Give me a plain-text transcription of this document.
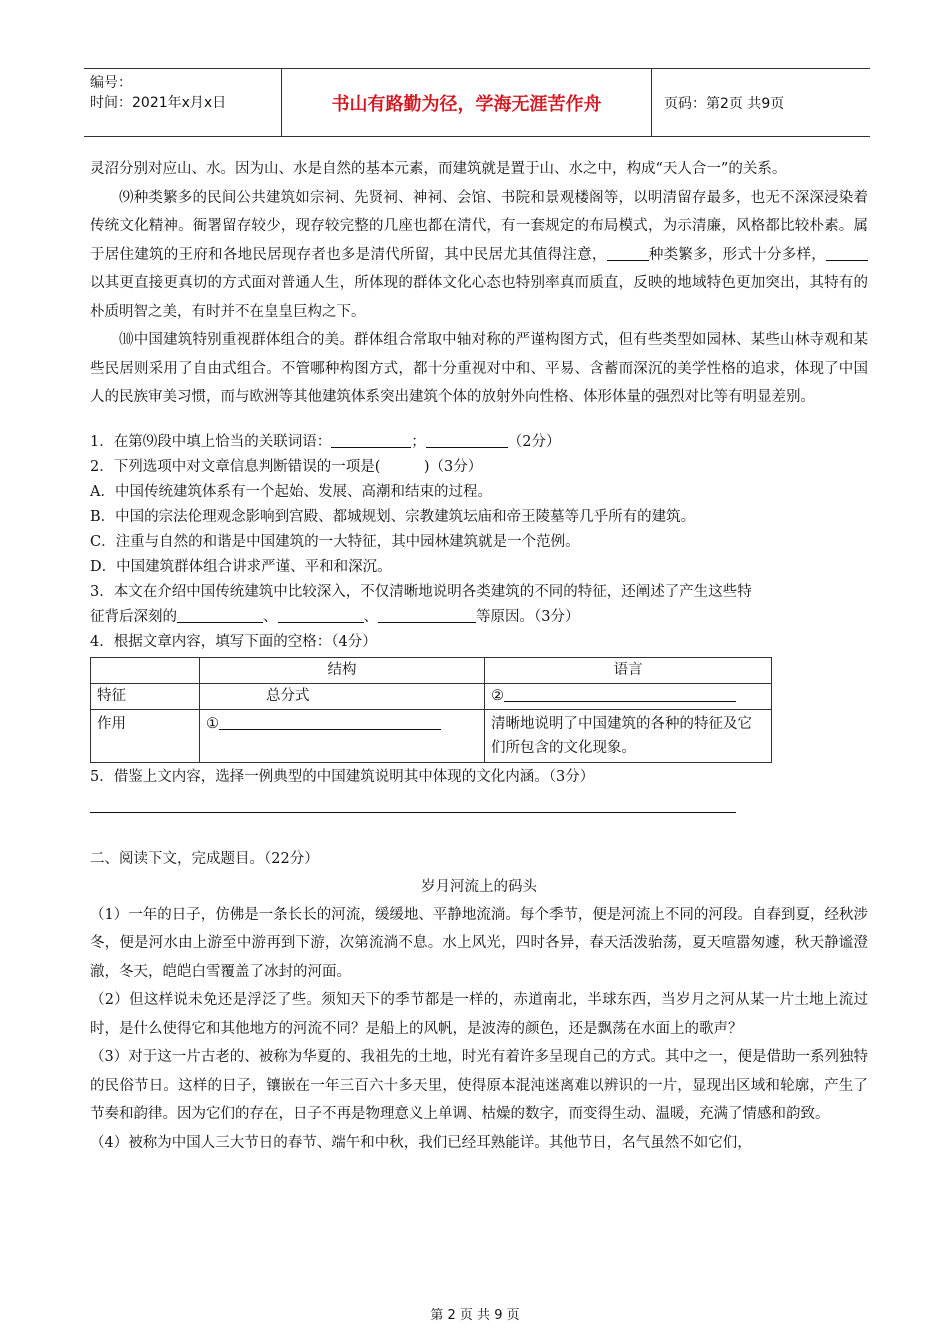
编号：
时间：2021年x月x日	书山有路勤为径，学海无涯苦作舟	页码：第2页 共9页

灵沼分别对应山、水。因为山、水是自然的基本元素，而建筑就是置于山、水之中，构成“天人合一”的关系。

⑼种类繁多的民间公共建筑如宗祠、先贤祠、神祠、会馆、书院和景观楼阁等，以明清留存最多，也无不深深浸染着传统文化精神。衙署留存较少，现存较完整的几座也都在清代，有一套规定的布局模式，为示清廉，风格都比较朴素。属于居住建筑的王府和各地民居现存者也多是清代所留，其中民居尤其值得注意，	种类繁多，形式十分多样，以其更直接更真切的方式面对普通人生，所体现的群体文化心态也特别率真而质直，反映的地域特色更加突出，其特有的朴质明智之美，有时并不在皇皇巨构之下。

⑽中国建筑特别重视群体组合的美。群体组合常取中轴对称的严谨构图方式，但有些类型如园林、某些山林寺观和某些民居则采用了自由式组合。不管哪种构图方式，都十分重视对中和、平易、含蓄而深沉的美学性格的追求，体现了中国人的民族审美习惯，而与欧洲等其他建筑体系突出建筑个体的放射外向性格、体形体量的强烈对比等有明显差别。

1．在第⑼段中填上恰当的关联词语：	；	（2分）

2．下列选项中对文章信息判断错误的一项是(　　　)（3分）

A．中国传统建筑体系有一个起始、发展、高潮和结束的过程。

B．中国的宗法伦理观念影响到宫殿、都城规划、宗教建筑坛庙和帝王陵墓等几乎所有的建筑。

C．注重与自然的和谐是中国建筑的一大特征，其中园林建筑就是一个范例。

D．中国建筑群体组合讲求严谨、平和和深沉。

3．本文在介绍中国传统建筑中比较深入，不仅清晰地说明各类建筑的不同的特征，还阐述了产生这些特

征背后深刻的	、	、	等原因。（3分）

4．根据文章内容，填写下面的空格：（4分）

	结构	语言
特征	总分式	②
作用	①	清晰地说明了中国建筑的各种的特征及它们所包含的文化现象。

5．借鉴上文内容，选择一例典型的中国建筑说明其中体现的文化内涵。（3分）

二、阅读下文，完成题目。（22分）

岁月河流上的码头

（1）一年的日子，仿佛是一条长长的河流，缓缓地、平静地流淌。每个季节，便是河流上不同的河段。自春到夏，经秋涉冬，便是河水由上游至中游再到下游，次第流淌不息。水上风光，四时各异，春天活泼骀荡，夏天喧嚣匆遽，秋天静谧澄澈，冬天，皑皑白雪覆盖了冰封的河面。

（2）但这样说未免还是浮泛了些。须知天下的季节都是一样的，赤道南北，半球东西，当岁月之河从某一片土地上流过时，是什么使得它和其他地方的河流不同？是船上的风帆，是波涛的颜色，还是飘荡在水面上的歌声？

（3）对于这一片古老的、被称为华夏的、我祖先的土地，时光有着许多呈现自己的方式。其中之一，便是借助一系列独特的民俗节日。这样的日子，镶嵌在一年三百六十多天里，使得原本混沌迷离难以辨识的一片，显现出区域和轮廓，产生了节奏和韵律。因为它们的存在，日子不再是物理意义上单调、枯燥的数字，而变得生动、温暖，充满了情感和韵致。

（4）被称为中国人三大节日的春节、端午和中秋，我们已经耳熟能详。其他节日，名气虽然不如它们，

第 2 页 共 9 页
